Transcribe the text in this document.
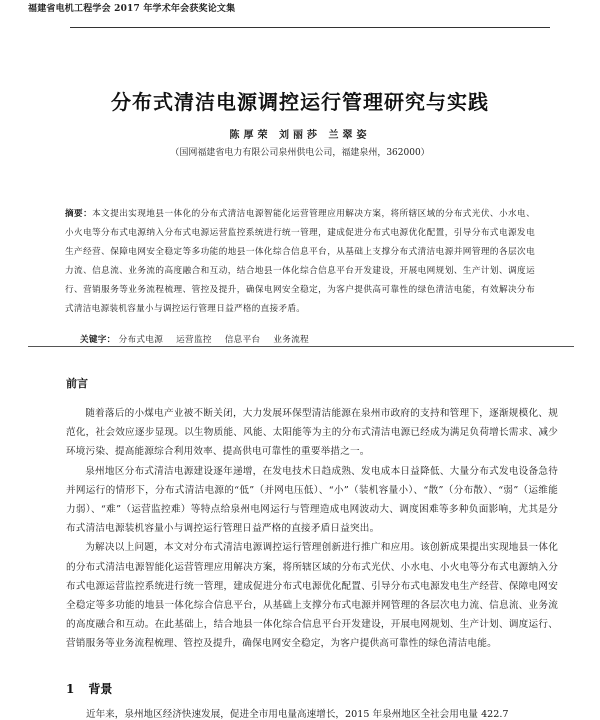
福建省电机工程学会 2017 年学术年会获奖论文集
分布式清洁电源调控运行管理研究与实践
陈厚荣 刘丽莎 兰翠姿
（国网福建省电力有限公司泉州供电公司，福建泉州，362000）
摘要：本文提出实现地县一体化的分布式清洁电源智能化运营管理应用解决方案，将所辖区域的分布式光伏、小水电、小火电等分布式电源纳入分布式电源运营监控系统进行统一管理，建成促进分布式电源优化配置，引导分布式电源发电生产经营、保障电网安全稳定等多功能的地县一体化综合信息平台，从基础上支撑分布式清洁电源并网管理的各层次电力流、信息流、业务流的高度融合和互动，结合地县一体化综合信息平台开发建设，开展电网规划、生产计划、调度运行、营销服务等业务流程梳理、管控及提升，确保电网安全稳定，为客户提供高可靠性的绿色清洁电能，有效解决分布式清洁电源装机容量小与调控运行管理日益严格的直接矛盾。
关键字： 分布式电源 运营监控 信息平台 业务流程
前言

随着落后的小煤电产业被不断关闭，大力发展环保型清洁能源在泉州市政府的支持和管理下，逐渐规模化、规范化，社会效应逐步显现。以生物质能、风能、太阳能等为主的分布式清洁电源已经成为满足负荷增长需求、减少环境污染、提高能源综合利用效率、提高供电可靠性的重要举措之一。

泉州地区分布式清洁电源建设逐年递增，在发电技术日趋成熟、发电成本日益降低、大量分布式发电设备急待并网运行的情形下，分布式清洁电源的“低”（并网电压低）、“小”（装机容量小）、“散”（分布散）、“弱”（运维能力弱）、“难”（运营监控难）等特点给泉州电网运行与管理造成电网波动大、调度困难等多种负面影响，尤其是分布式清洁电源装机容量小与调控运行管理日益严格的直接矛盾日益突出。

为解决以上问题，本文对分布式清洁电源调控运行管理创新进行推广和应用。该创新成果提出实现地县一体化的分布式清洁电源智能化运营管理应用解决方案，将所辖区域的分布式光伏、小水电、小火电等分布式电源纳入分布式电源运营监控系统进行统一管理，建成促进分布式电源优化配置、引导分布式电源发电生产经营、保障电网安全稳定等多功能的地县一体化综合信息平台，从基础上支撑分布式电源并网管理的各层次电力流、信息流、业务流的高度融合和互动。在此基础上，结合地县一体化综合信息平台开发建设，开展电网规划、生产计划、调度运行、营销服务等业务流程梳理、管控及提升，确保电网安全稳定，为客户提供高可靠性的绿色清洁电能。

1 背景
近年来，泉州地区经济快速发展，促进全市用电量高速增长，2015 年泉州地区全社会用电量 422.7
